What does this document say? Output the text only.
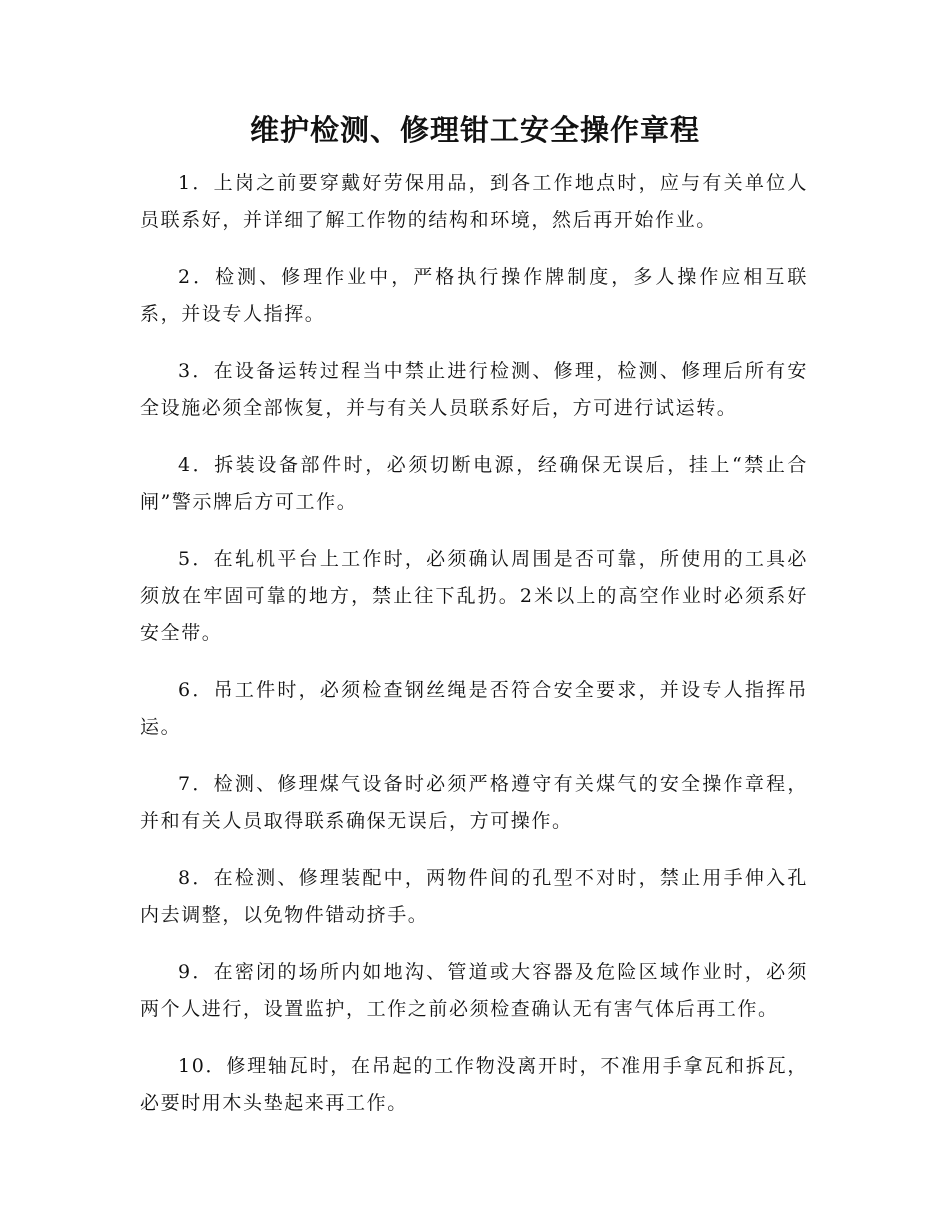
维护检测、修理钳工安全操作章程

1．上岗之前要穿戴好劳保用品，到各工作地点时，应与有关单位人员联系好，并详细了解工作物的结构和环境，然后再开始作业。

2．检测、修理作业中，严格执行操作牌制度，多人操作应相互联系，并设专人指挥。

3．在设备运转过程当中禁止进行检测、修理，检测、修理后所有安全设施必须全部恢复，并与有关人员联系好后，方可进行试运转。

4．拆装设备部件时，必须切断电源，经确保无误后，挂上“禁止合闸”警示牌后方可工作。

5．在轧机平台上工作时，必须确认周围是否可靠，所使用的工具必须放在牢固可靠的地方，禁止往下乱扔。2米以上的高空作业时必须系好安全带。

6．吊工件时，必须检查钢丝绳是否符合安全要求，并设专人指挥吊运。

7．检测、修理煤气设备时必须严格遵守有关煤气的安全操作章程，并和有关人员取得联系确保无误后，方可操作。

8．在检测、修理装配中，两物件间的孔型不对时，禁止用手伸入孔内去调整，以免物件错动挤手。

9．在密闭的场所内如地沟、管道或大容器及危险区域作业时，必须两个人进行，设置监护，工作之前必须检查确认无有害气体后再工作。

10．修理轴瓦时，在吊起的工作物没离开时，不准用手拿瓦和拆瓦，必要时用木头垫起来再工作。
